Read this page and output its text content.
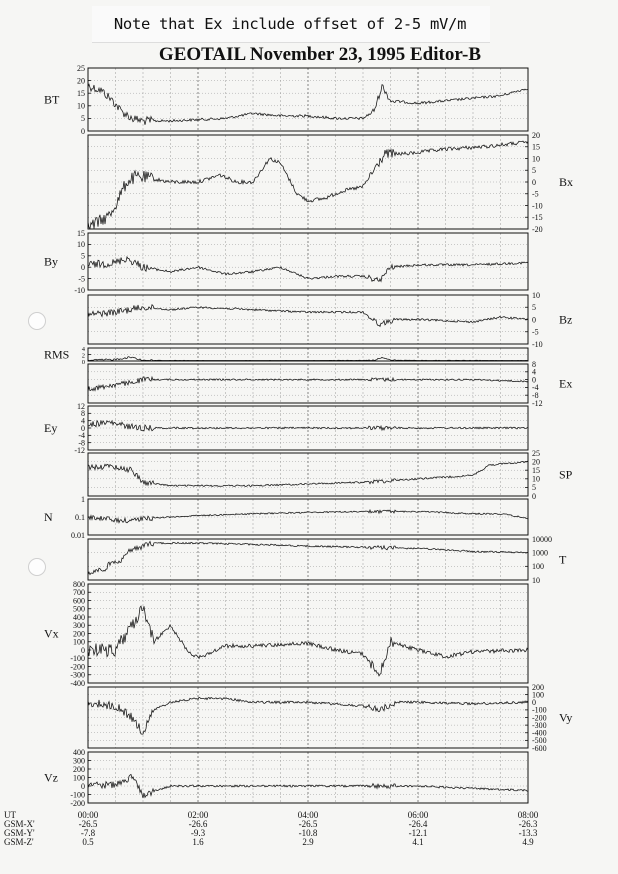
Note that Ex include offset of 2-5 mV/m
GEOTAIL November 23, 1995 Editor-B
0
5
10
15
20
25
BT
-20
-15
-10
-5
0
5
10
15
20
Bx
-10
-5
0
5
10
15
By
-10
-5
0
5
10
Bz
0
2
4
RMS
-12
-8
-4
0
4
8
Ex
-12
-8
-4
0
4
8
12
Ey
0
5
10
15
20
25
SP
0.01
0.1
1
N
10
100
1000
10000
T
-400
-300
-200
-100
0
100
200
300
400
500
600
700
800
Vx
-600
-500
-400
-300
-200
-100
0
100
200
Vy
-200
-100
0
100
200
300
400
Vz
UT	00:00	02:00	04:00	06:00	08:00
GSM-X'	-26.5	-26.6	-26.5	-26.4	-26.3
GSM-Y'	-7.8	-9.3	-10.8	-12.1	-13.3
GSM-Z'	0.5	1.6	2.9	4.1	4.9
